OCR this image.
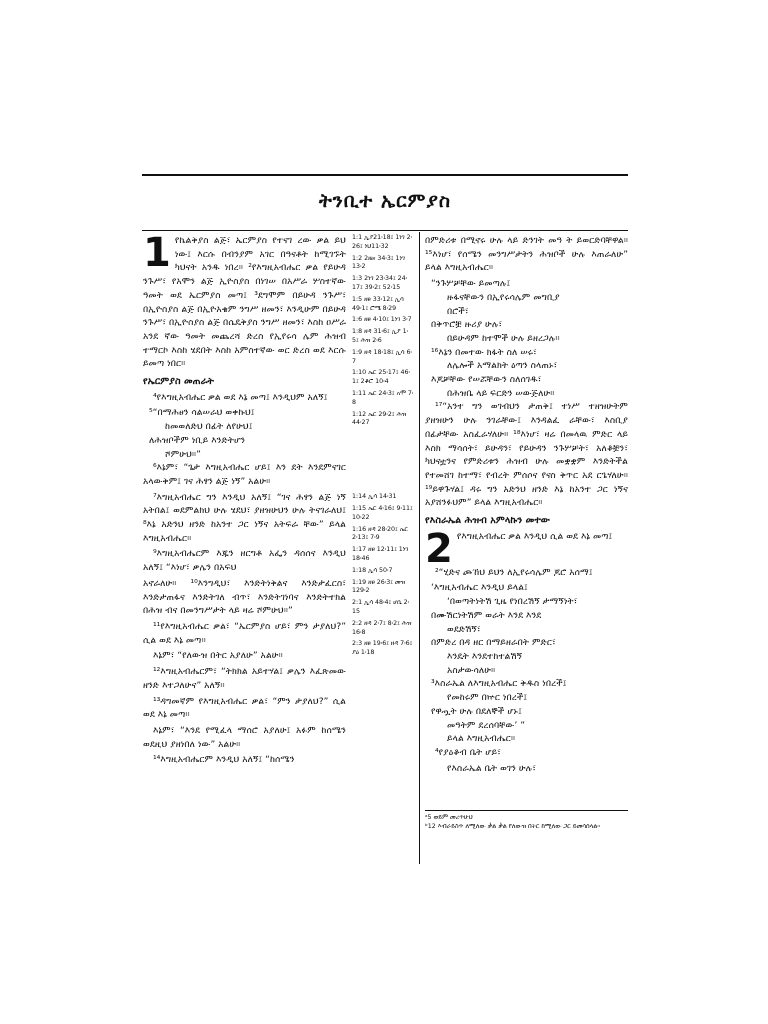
ትንቢተ ኤርምያስ

1 የኬልቅያስ ልጅ፣ ኤርምያስ የተናገ ረው ቃል ይህ ነው፤ እርሱ በብንያም አገር በዓናቶት ከሚገኙት ካህናት አንዱ ነበረ። ²የእግዚአብሔር ቃል የይሁዳ ንጉሥ፣ የአሞን ልጅ ኢዮስያስ በነገሠ በአሥራ ሦስተኛው ዓመት ወደ ኤርምያስ መጣ፤ ³ደግሞም በይሁዳ ንጉሥ፣ በኢዮስያስ ልጅ በኢዮአቄም ንግሥ ዘመን፣ እንዲሁም በይሁዳ ንጉሥ፣ በኢዮስያስ ልጅ በሴዴቅያስ ንግሥ ዘመን፣ እስከ ዐሥራ አንደ ኛው ዓመት መጨረሻ ድረስ የኢየሩሳ ሌም ሕዝብ ተማርኮ እስከ ሄደበት እስከ አምስተኛው ወር ድረስ ወደ እርሱ ይመጣ ነበር።

የኤርምያስ መጠራት

⁴የእግዚአብሔር ቃል ወደ እኔ መጣ፤ እንዲህም አለኝ፤

⁵“በማሕፀን ሳልሠራህ ወቀኩህ፤

ከመወለድህ በፊት ለየሁህ፤

ለሕዝቦችም ነቢይ እንድትሆን

ሾምሁህ።”

⁶እኔም፣ “ጌታ እግዚአብሔር ሆይ፤ እን ደት እንደምናገር አላውቅም፤ ገና ሕፃን ልጅ ነኝ” አልሁ።

⁷እግዚአብሔር ግን እንዲህ አለኝ፤ “ገና ሕፃን ልጅ ነኝ አትበል፤ ወደምልክህ ሁሉ ሄደህ፣ ያዘዝሁህን ሁሉ ትናገራለህ፤ ⁸እኔ አድንህ ዘንድ ከአንተ ጋር ነኝና አትፍራ ቸው” ይላል እግዚአብሔር።

⁹እግዚአብሔርም እጁን ዘርግቶ አፌን ዳሰሰና እንዲህ አለኝ፤ “እነሆ፣ ቃሌን በአፍህ

አኖራለሁ። ¹⁰እንግዲህ፣ እንድትነቅልና እንድታፈርስ፣ እንድታጠፋና እንድትገለ ብጥ፣ እንድትገነባና እንድትተክል በሕዝ ብና በመንግሥታት ላይ ዛሬ ሾምሁህ።”

¹¹የእግዚአብሔር ቃል፣ “ኤርምያስ ሆይ፣ ምን ታያለህ?” ሲል ወደ እኔ መጣ።

እኔም፣ “የለውዝ በትር አያለሁ” አልሁ።

¹²እግዚአብሔርም፣ “ትክክል አይተሃል፤ ቃሌን እፈጽመው ዘንድ እተጋለሁና” አለኝ።

¹³ዳግመኛም የእግዚአብሔር ቃል፣ “ምን ታያለህ?” ሲል ወደ እኔ መጣ።

እኔም፣ “እንደ የሚፈላ ማሰሮ አያለሁ፤ አፉም ከሰሜን ወደዚህ ያዘነበለ ነው” አልሁ።

¹⁴እግዚአብሔርም እንዲህ አለኝ፤ “ከሰሜን

1:1 ኢያ21፡18፤ 1ነገ 2፡26፤ ነህ11፡32
1:2 2ዜና 34፡3፤ 1ነገ 13፡2
1:3 2ነገ 23፡34፤ 24፡17፤ 39፡2፤ 52፡15
1:5 ዘፀ 33፡12፤ ኢሳ 49፡1፤ ሮሜ 8፡29
1:6 ዘፀ 4፡10፤ 1ነገ 3፡7
1:8 ዘዳ 31፡6፤ ኢያ 1፡5፤ ሕዝ 2፡6
1:9 ዘዳ 18፡18፤ ኢሳ 6፡7
1:10 ኤር 25፡17፤ 46፡1፤ 2ቆሮ 10፡4
1:11 ኤር 24፡3፤ አሞ 7፡8
1:12 ኤር 29፡2፤ ሕዝ 44፡27
1:14 ኢሳ 14፡31
1:15 ኤር 4፡16፤ 9፡11፤ 10፡22
1:16 ዘዳ 28፡20፤ ኤር 2፡13፤ 7፡9
1:17 ዘፀ 12፡11፤ 1ነገ 18፡46
1:18 ኢሳ 50፡7
1:19 ዘፀ 26፡3፤ መዝ 129፡2
2:1 ኢሳ 48፡4፤ ሆሴ 2፡15
2:2 ዘዳ 2፡7፤ 8፡2፤ ሕዝ 16፡8
2:3 ዘፀ 19፡6፤ ዘዳ 7፡6፤ ያዕ 1፡18

በምድሪቱ በሚኖሩ ሁሉ ላይ ድንገት መዓ ት ይወርድባቸዋል። ¹⁵እነሆ፣ የሰሜን መንግሥታትን ሕዝቦች ሁሉ እጠራለሁ” ይላል እግዚአብሔር።

“ንጉሦቻቸው ይመጣሉ፤

ዙፋናቸውን በኢየሩሳሌም መግቢያ

በሮች፣

በቅጥሮቿ ዙሪያ ሁሉ፣

በይሁዳም ከተሞች ሁሉ ይዘረጋሉ።

¹⁶እኔን በመተው ክፋት ስለ ሠሩ፣

ለሌሎች አማልክት ዕጣን ስላጠኑ፣

እጆቻቸው የሠሯቸውን ስለሰገዱ፣

በሕዝቤ ላይ ፍርድን ሠውጅለሁ።

¹⁷“አንተ ግን ወገብህን ታጠቅ፤ ተነሥ ተዘዝሁትም ያዘዝሁን ሁሉ ንገራቸው፤ እንዳልፈ ራቸው፣ እስቢያ በፊታቸው አስፈራሃለሁ። ¹⁸እነሆ፣ ዛሬ በመላዉ ምድር ላይ እስክ ማሳሰት፣ ይሁዳን፣ የይሁዳን ንጉሦቻት፣ አለቆቿን፣ ካህናቷንና የምድሪቱን ሕዝብ ሁሉ መቋቋም እንድትችል የተመሸገ ከተማ፣ የብረት ምሰሶና የናስ ቅጥር አደ ርጌሃለሁ። ¹⁹ይዋጉሃል፤ ዳሩ ግን አድንህ ዘንድ እኔ ከአንተ ጋር ነኝና አያሸንፉህም” ይላል እግዚአብሔር።

የእስራኤል ሕዝብ አምላኩን መተው

2 የእግዚአብሔር ቃል እንዲህ ሲል ወደ እኔ መጣ፤

²“ሂድና ጮኸህ ይህን ለኢየሩሳሌም ጆሮ አሰማ፤

‘እግዚአብሔር እንዲህ ይላል፤

‘በወጣትነትሽ ጊዜ የነበረሽኝ ታማኝነት፣

በሙሽርነትሽም ወራት እንደ እንደ

ወደድሽኝ፣

በምድረ በዳ ዘር በማይዘራበት ምድር፣

እንዴት እንደተከተልሽኝ

አስታውሳለሁ።

³እስራኤል ለእግዚአብሔር ቅዱስ ነበረች፤

የመከሩም በኵር ነበረች፤

የዋጧት ሁሉ በደለኞች ሆኑ፤

መዓትም ደረሰባቸው’ ”

ይላል እግዚአብሔር።

⁴የያዕቆብ ቤት ሆይ፣

የእስራኤል ቤት ወገን ሁሉ፣

ᵃ5 ወይም መረጥሁህ
ᵇ12 እብራይስጥ ለሚለው ቃል ቃል የለውዝ በትር ከሚለው ጋር ይመሳሰላል።
